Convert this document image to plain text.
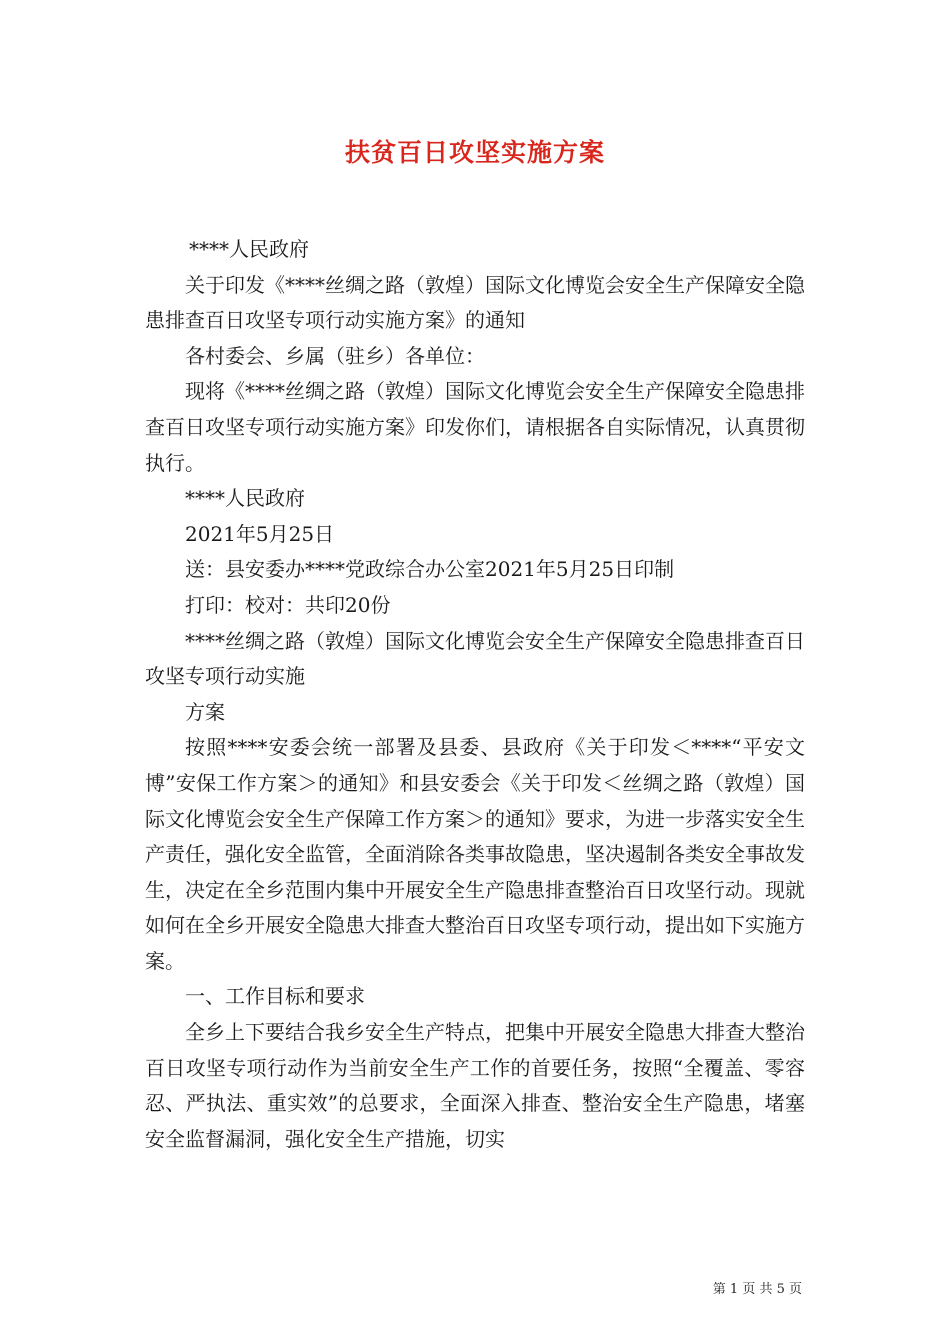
扶贫百日攻坚实施方案

****人民政府

关于印发《****丝绸之路（敦煌）国际文化博览会安全生产保障安全隐患排查百日攻坚专项行动实施方案》的通知

各村委会、乡属（驻乡）各单位：

现将《****丝绸之路（敦煌）国际文化博览会安全生产保障安全隐患排查百日攻坚专项行动实施方案》印发你们，请根据各自实际情况，认真贯彻执行。

****人民政府

2021年5月25日

送：县安委办****党政综合办公室2021年5月25日印制

打印：校对：共印20份

****丝绸之路（敦煌）国际文化博览会安全生产保障安全隐患排查百日攻坚专项行动实施

方案

按照****安委会统一部署及县委、县政府《关于印发＜****“平安文博”安保工作方案＞的通知》和县安委会《关于印发＜丝绸之路（敦煌）国际文化博览会安全生产保障工作方案＞的通知》要求，为进一步落实安全生产责任，强化安全监管，全面消除各类事故隐患，坚决遏制各类安全事故发生，决定在全乡范围内集中开展安全生产隐患排查整治百日攻坚行动。现就如何在全乡开展安全隐患大排查大整治百日攻坚专项行动，提出如下实施方案。

一、工作目标和要求

全乡上下要结合我乡安全生产特点，把集中开展安全隐患大排查大整治百日攻坚专项行动作为当前安全生产工作的首要任务，按照“全覆盖、零容忍、严执法、重实效”的总要求，全面深入排查、整治安全生产隐患，堵塞安全监督漏洞，强化安全生产措施，切实

第 1 页 共 5 页
